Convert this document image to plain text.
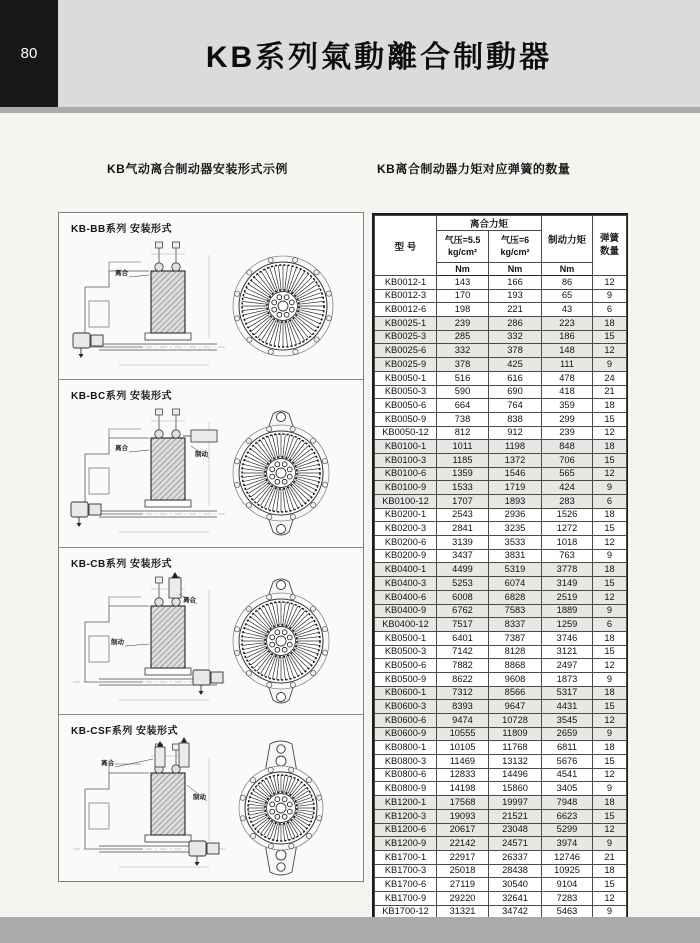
80	KB系列氣動離合制動器
KB气动离合制动器安装形式示例	KB离合制动器力矩对应弹簧的数量
离合
KB-BB系列 安装形式
离合
制动
KB-BC系列 安装形式
离合
制动
KB-CB系列 安装形式
离合
制动
KB-CSF系列 安装形式
型 号	离合力矩		制动力矩	弹簧
数量
	气压=5.5
kg/cm²	气压=6
kg/cm²		
	Nm	Nm	Nm	
KB0012-1	143	166	86	12
KB0012-3	170	193	65	9
KB0012-6	198	221	43	6
KB0025-1	239	286	223	18
KB0025-3	285	332	186	15
KB0025-6	332	378	148	12
KB0025-9	378	425	111	9
KB0050-1	516	616	478	24
KB0050-3	590	690	418	21
KB0050-6	664	764	359	18
KB0050-9	738	838	299	15
KB0050-12	812	912	239	12
KB0100-1	1011	1198	848	18
KB0100-3	1185	1372	706	15
KB0100-6	1359	1546	565	12
KB0100-9	1533	1719	424	9
KB0100-12	1707	1893	283	6
KB0200-1	2543	2936	1526	18
KB0200-3	2841	3235	1272	15
KB0200-6	3139	3533	1018	12
KB0200-9	3437	3831	763	9
KB0400-1	4499	5319	3778	18
KB0400-3	5253	6074	3149	15
KB0400-6	6008	6828	2519	12
KB0400-9	6762	7583	1889	9
KB0400-12	7517	8337	1259	6
KB0500-1	6401	7387	3746	18
KB0500-3	7142	8128	3121	15
KB0500-6	7882	8868	2497	12
KB0500-9	8622	9608	1873	9
KB0600-1	7312	8566	5317	18
KB0600-3	8393	9647	4431	15
KB0600-6	9474	10728	3545	12
KB0600-9	10555	11809	2659	9
KB0800-1	10105	11768	6811	18
KB0800-3	11469	13132	5676	15
KB0800-6	12833	14496	4541	12
KB0800-9	14198	15860	3405	9
KB1200-1	17568	19997	7948	18
KB1200-3	19093	21521	6623	15
KB1200-6	20617	23048	5299	12
KB1200-9	22142	24571	3974	9
KB1700-1	22917	26337	12746	21
KB1700-3	25018	28438	10925	18
KB1700-6	27119	30540	9104	15
KB1700-9	29220	32641	7283	12
KB1700-12	31321	34742	5463	9
